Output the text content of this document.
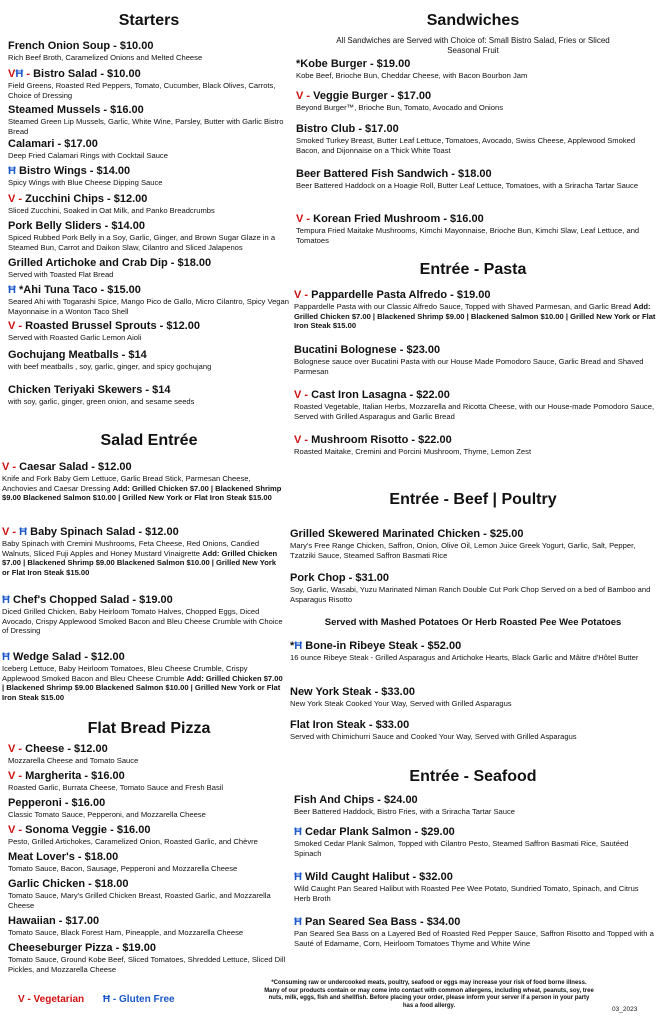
Starters
French Onion Soup - $10.00
Rich Beef Broth, Caramelized Onions and Melted Cheese
VĦ - Bistro Salad - $10.00
Field Greens, Roasted Red Peppers, Tomato, Cucumber, Black Olives, Carrots, Choice of Dressing
Steamed Mussels - $16.00
Steamed Green Lip Mussels, Garlic, White Wine, Parsley, Butter with Garlic Bistro Bread
Calamari - $17.00
Deep Fried Calamari Rings with Cocktail Sauce
Ħ Bistro Wings - $14.00
Spicy Wings with Blue Cheese Dipping Sauce
V - Zucchini Chips - $12.00
Sliced Zucchini, Soaked in Oat Milk, and Panko Breadcrumbs
Pork Belly Sliders - $14.00
Spiced Rubbed Pork Belly in a Soy, Garlic, Ginger, and Brown Sugar Glaze in a Steamed Bun, Carrot and Daikon Slaw, Cilantro and Sliced Jalapenos
Grilled Artichoke and Crab Dip - $18.00
Served with Toasted Flat Bread
Ħ *Ahi Tuna Taco - $15.00
Seared Ahi with Togarashi Spice, Mango Pico de Gallo, Micro Cilantro, Spicy Vegan Mayonnaise in a Wonton Taco Shell
V - Roasted Brussel Sprouts - $12.00
Served with Roasted Garlic Lemon Aioli
Gochujang Meatballs - $14
with beef meatballs , soy, garlic, ginger, and spicy gochujang
Chicken Teriyaki Skewers - $14
with soy, garlic, ginger, green onion, and sesame seeds
Salad Entrée
V - Caesar Salad - $12.00
Knife and Fork Baby Gem Lettuce, Garlic Bread Stick, Parmesan Cheese, Anchovies and Caesar Dressing Add: Grilled Chicken $7.00 | Blackened Shrimp $9.00 Blackened Salmon $10.00 | Grilled New York or Flat Iron Steak $15.00
V - Ħ Baby Spinach Salad - $12.00
Baby Spinach with Cremini Mushrooms, Feta Cheese, Red Onions, Candied Walnuts, Sliced Fuji Apples and Honey Mustard Vinaigrette Add: Grilled Chicken $7.00 | Blackened Shrimp $9.00 Blackened Salmon $10.00 | Grilled New York or Flat Iron Steak $15.00
Ħ Chef's Chopped Salad - $19.00
Diced Grilled Chicken, Baby Heirloom Tomato Halves, Chopped Eggs, Diced Avocado, Crispy Applewood Smoked Bacon and Bleu Cheese Crumble with Choice of Dressing
Ħ Wedge Salad - $12.00
Iceberg Lettuce, Baby Heirloom Tomatoes, Bleu Cheese Crumble, Crispy Applewood Smoked Bacon and Bleu Cheese Crumble Add: Grilled Chicken $7.00 | Blackened Shrimp $9.00 Blackened Salmon $10.00 | Grilled New York or Flat Iron Steak $15.00
Flat Bread Pizza
V - Cheese - $12.00
Mozzarella Cheese and Tomato Sauce
V - Margherita - $16.00
Roasted Garlic, Burrata Cheese, Tomato Sauce and Fresh Basil
Pepperoni - $16.00
Classic Tomato Sauce, Pepperoni, and Mozzarella Cheese
V - Sonoma Veggie - $16.00
Pesto, Grilled Artichokes, Caramelized Onion, Roasted Garlic, and Chèvre
Meat Lover's - $18.00
Tomato Sauce, Bacon, Sausage, Pepperoni and Mozzarella Cheese
Garlic Chicken - $18.00
Tomato Sauce, Mary's Grilled Chicken Breast, Roasted Garlic, and Mozzarella Cheese
Hawaiian - $17.00
Tomato Sauce, Black Forest Ham, Pineapple, and Mozzarella Cheese
Cheeseburger Pizza - $19.00
Tomato Sauce, Ground Kobe Beef, Sliced Tomatoes, Shredded Lettuce, Sliced Dill Pickles, and Mozzarella Cheese
Sandwiches
All Sandwiches are Served with Choice of: Small Bistro Salad, Fries or Sliced Seasonal Fruit
*Kobe Burger - $19.00
Kobe Beef, Brioche Bun, Cheddar Cheese, with Bacon Bourbon Jam
V - Veggie Burger - $17.00
Beyond Burger™, Brioche Bun, Tomato, Avocado and Onions
Bistro Club - $17.00
Smoked Turkey Breast, Butter Leaf Lettuce, Tomatoes, Avocado, Swiss Cheese, Applewood Smoked Bacon, and Dijonnaise on a Thick White Toast
Beer Battered Fish Sandwich - $18.00
Beer Battered Haddock on a Hoagie Roll, Butter Leaf Lettuce, Tomatoes, with a Sriracha Tartar Sauce
V - Korean Fried Mushroom - $16.00
Tempura Fried Maitake Mushrooms, Kimchi Mayonnaise, Brioche Bun, Kimchi Slaw, Leaf Lettuce, and Tomatoes
Entrée - Pasta
V - Pappardelle Pasta Alfredo - $19.00
Pappardelle Pasta with our Classic Alfredo Sauce, Topped with Shaved Parmesan, and Garlic Bread Add: Grilled Chicken $7.00 | Blackened Shrimp $9.00 | Blackened Salmon $10.00 | Grilled New York or Flat Iron Steak $15.00
Bucatini Bolognese - $23.00
Bolognese sauce over Bucatini Pasta with our House Made Pomodoro Sauce, Garlic Bread and Shaved Parmesan
V - Cast Iron Lasagna - $22.00
Roasted Vegetable, Italian Herbs, Mozzarella and Ricotta Cheese, with our House-made Pomodoro Sauce, Served with Grilled Asparagus and Garlic Bread
V - Mushroom Risotto - $22.00
Roasted Maitake, Cremini and Porcini Mushroom, Thyme, Lemon Zest
Entrée - Beef | Poultry
Grilled Skewered Marinated Chicken - $25.00
Mary's Free Range Chicken, Saffron, Onion, Olive Oil, Lemon Juice Greek Yogurt, Garlic, Salt, Pepper, Tzatziki Sauce, Steamed Saffron Basmati Rice
Pork Chop - $31.00
Soy, Garlic, Wasabi, Yuzu Marinated Niman Ranch Double Cut Pork Chop Served on a bed of Bamboo and Asparagus Risotto
*Ħ Bone-in Ribeye Steak - $52.00
16 ounce Ribeye Steak - Grilled Asparagus and Artichoke Hearts, Black Garlic and Mâitre d'Hôtel Butter
New York Steak - $33.00
New York Steak Cooked Your Way, Served with Grilled Asparagus
Flat Iron Steak - $33.00
Served with Chimichurri Sauce and Cooked Your Way, Served with Grilled Asparagus
Served with Mashed Potatoes Or Herb Roasted Pee Wee Potatoes
Entrée - Seafood
Fish And Chips - $24.00
Beer Battered Haddock, Bistro Fries, with a Sriracha Tartar Sauce
Ħ Cedar Plank Salmon - $29.00
Smoked Cedar Plank Salmon, Topped with Cilantro Pesto, Steamed Saffron Basmati Rice, Sautéed Spinach
Ħ Wild Caught Halibut - $32.00
Wild Caught Pan Seared Halibut with Roasted Pee Wee Potato, Sundried Tomato, Spinach, and Citrus Herb Broth
Ħ Pan Seared Sea Bass - $34.00
Pan Seared Sea Bass on a Layered Bed of Roasted Red Pepper Sauce, Saffron Risotto and Topped with a Sauté of Edamame, Corn, Heirloom Tomatoes Thyme and White Wine
V - Vegetarian Ħ - Gluten Free
*Consuming raw or undercooked meats, poultry, seafood or eggs may increase your risk of food borne illness. Many of our products contain or may come into contact with common allergens, including wheat, peanuts, soy, tree nuts, milk, eggs, fish and shellfish. Before placing your order, please inform your server if a person in your party has a food allergy.
03_2023
